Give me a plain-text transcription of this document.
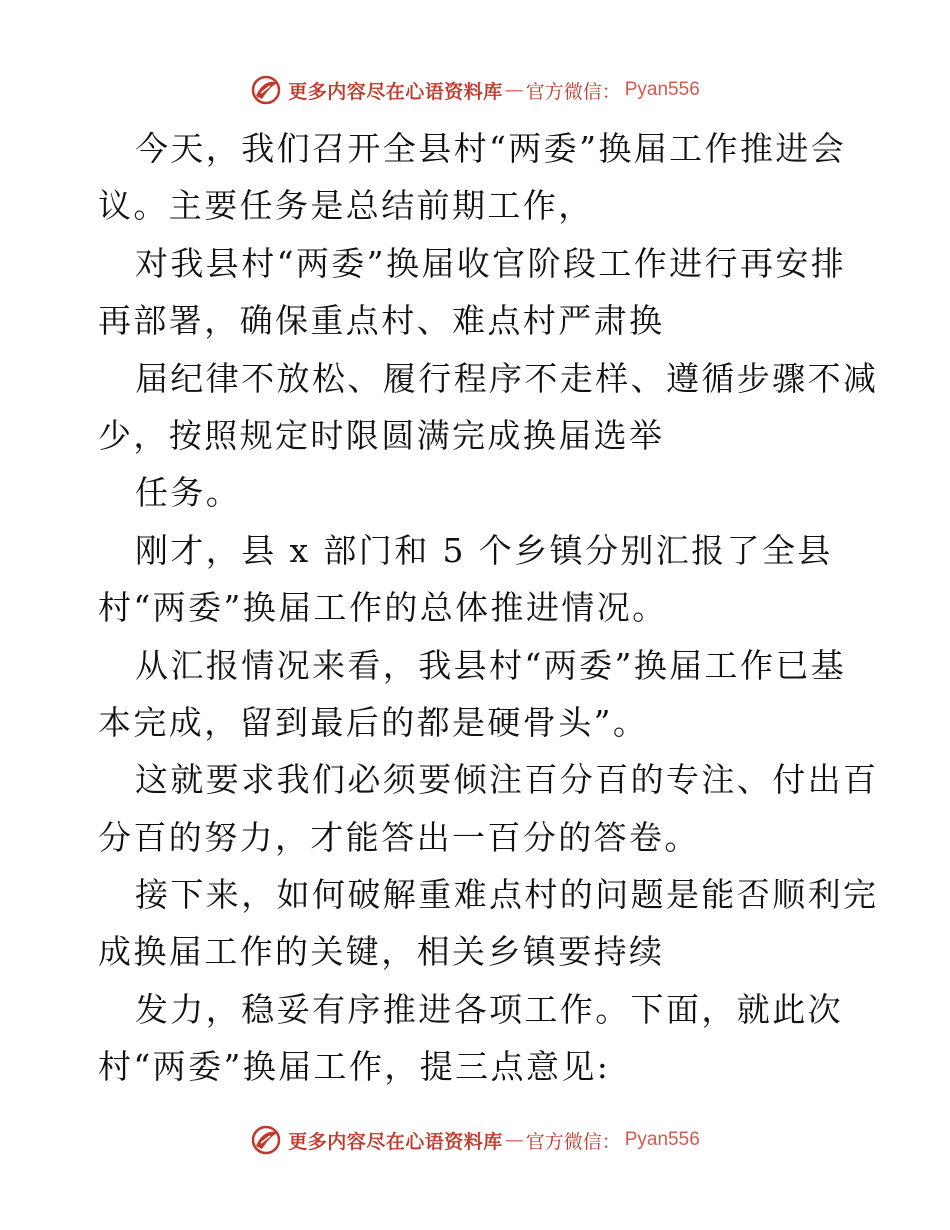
更多内容尽在心语资料库 — 官方微信： Pyan556
今天，我们召开全县村“两委”换届工作推进会
议。主要任务是总结前期工作，
对我县村“两委”换届收官阶段工作进行再安排
再部署，确保重点村、难点村严肃换
届纪律不放松、履行程序不走样、遵循步骤不减
少，按照规定时限圆满完成换届选举
任务。
刚才，县 x 部门和 5 个乡镇分别汇报了全县
村“两委”换届工作的总体推进情况。
从汇报情况来看，我县村“两委”换届工作已基
本完成，留到最后的都是硬骨头”。
这就要求我们必须要倾注百分百的专注、付出百
分百的努力，才能答出一百分的答卷。
接下来，如何破解重难点村的问题是能否顺利完
成换届工作的关键，相关乡镇要持续
发力，稳妥有序推进各项工作。下面，就此次
村“两委”换届工作，提三点意见:
更多内容尽在心语资料库 — 官方微信： Pyan556
